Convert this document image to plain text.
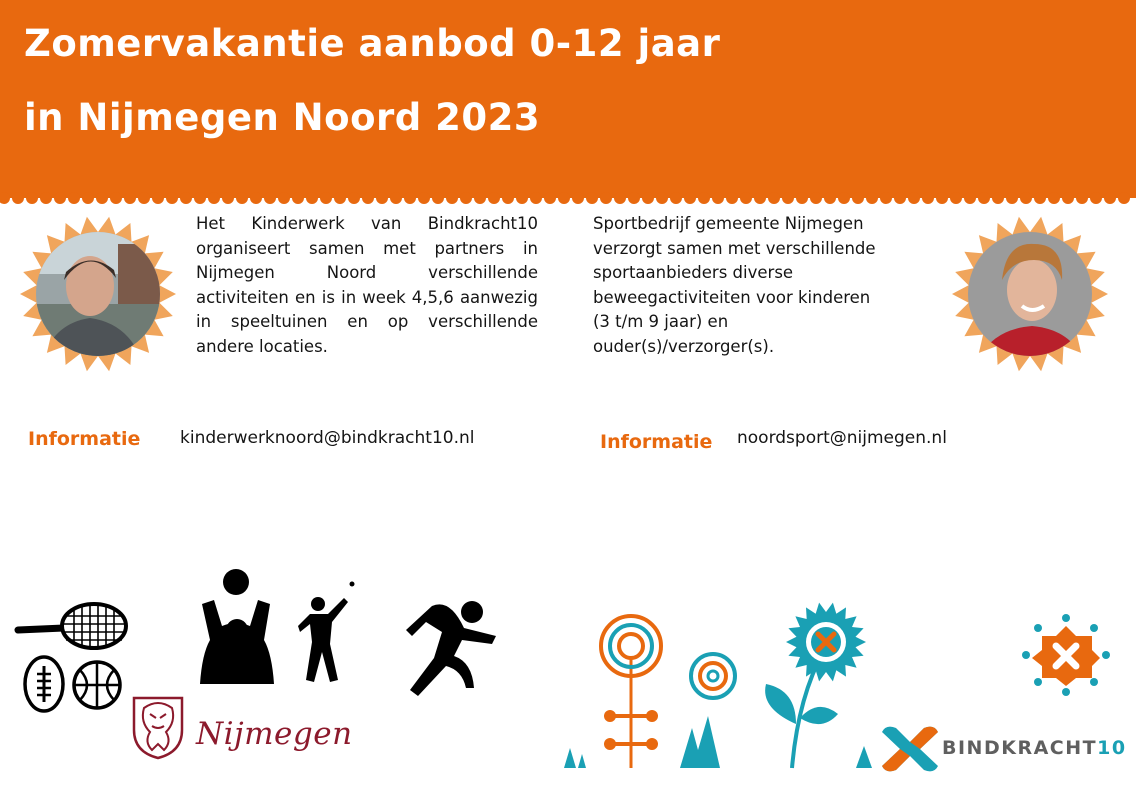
Zomervakantie aanbod 0-12 jaar
in Nijmegen Noord 2023
Het Kinderwerk van Bindkracht10 organiseert samen met partners in Nijmegen Noord verschillende activiteiten en is in week 4,5,6 aanwezig in speeltuinen en op verschillende andere locaties.
Sportbedrijf gemeente Nijmegen
verzorgt samen met verschillende
sportaanbieders diverse
beweegactiviteiten voor kinderen
(3 t/m 9 jaar) en
ouder(s)/verzorger(s).
Informatie kinderwerknoord@bindkracht10.nl	Informatie noordsport@nijmegen.nl
Nijmegen	BINDKRACHT10
